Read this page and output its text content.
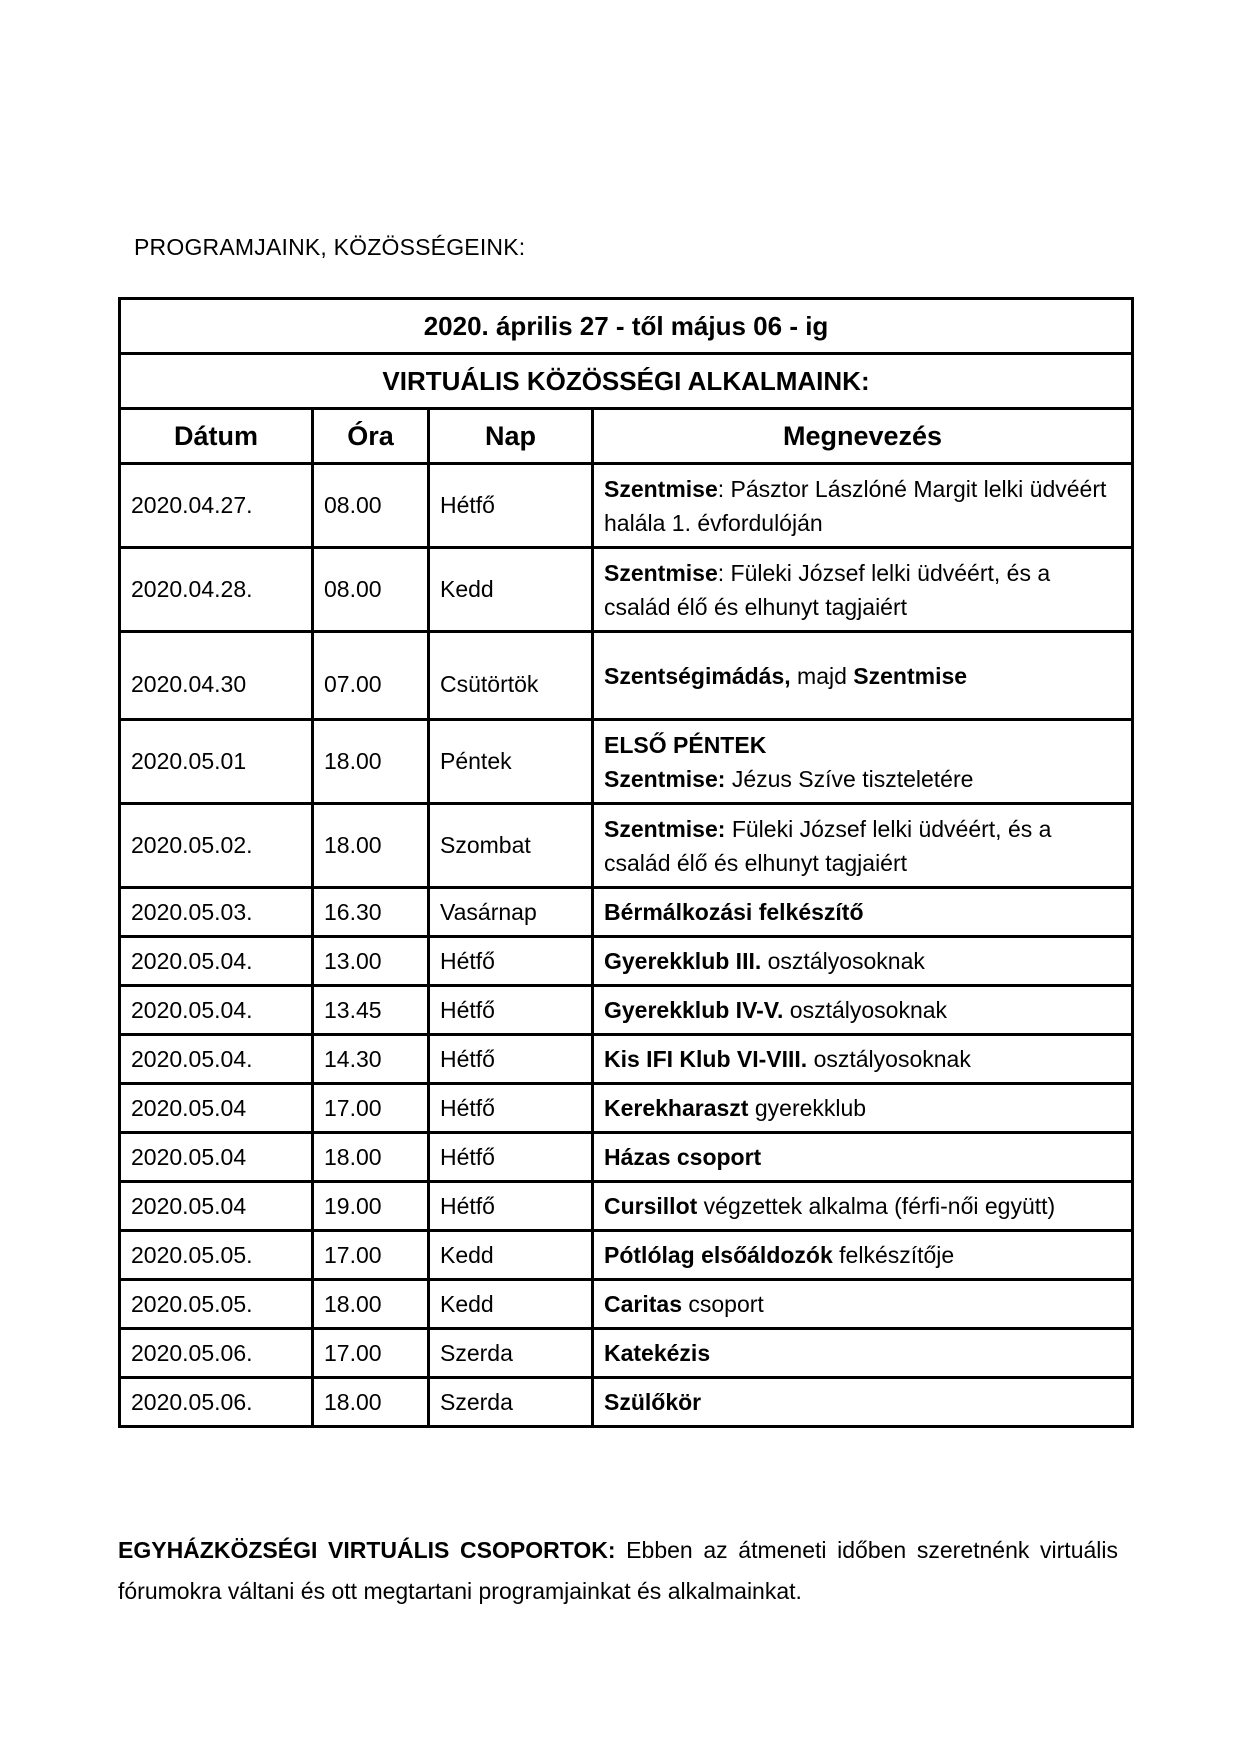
PROGRAMJAINK, KÖZÖSSÉGEINK:

2020. április 27 - től május 06 - ig			
VIRTUÁLIS KÖZÖSSÉGI ALKALMAINK:			
Dátum	Óra	Nap	Megnevezés
2020.04.27.	08.00	Hétfő	Szentmise: Pásztor Lászlóné Margit lelki üdvéért halála 1. évfordulóján
2020.04.28.	08.00	Kedd	Szentmise: Füleki József lelki üdvéért, és a család élő és elhunyt tagjaiért
2020.04.30	07.00	Csütörtök	Szentségimádás, majd Szentmise
2020.05.01	18.00	Péntek	ELSŐ PÉNTEK
Szentmise: Jézus Szíve tiszteletére
2020.05.02.	18.00	Szombat	Szentmise: Füleki József lelki üdvéért, és a család élő és elhunyt tagjaiért
2020.05.03.	16.30	Vasárnap	Bérmálkozási felkészítő
2020.05.04.	13.00	Hétfő	Gyerekklub III. osztályosoknak
2020.05.04.	13.45	Hétfő	Gyerekklub IV-V. osztályosoknak
2020.05.04.	14.30	Hétfő	Kis IFI Klub VI-VIII. osztályosoknak
2020.05.04	17.00	Hétfő	Kerekharaszt gyerekklub
2020.05.04	18.00	Hétfő	Házas csoport
2020.05.04	19.00	Hétfő	Cursillot végzettek alkalma (férfi-női együtt)
2020.05.05.	17.00	Kedd	Pótlólag elsőáldozók felkészítője
2020.05.05.	18.00	Kedd	Caritas csoport
2020.05.06.	17.00	Szerda	Katekézis
2020.05.06.	18.00	Szerda	Szülőkör

EGYHÁZKÖZSÉGI VIRTUÁLIS CSOPORTOK: Ebben az átmeneti időben szeretnénk virtuális fórumokra váltani és ott megtartani programjainkat és alkalmainkat.
